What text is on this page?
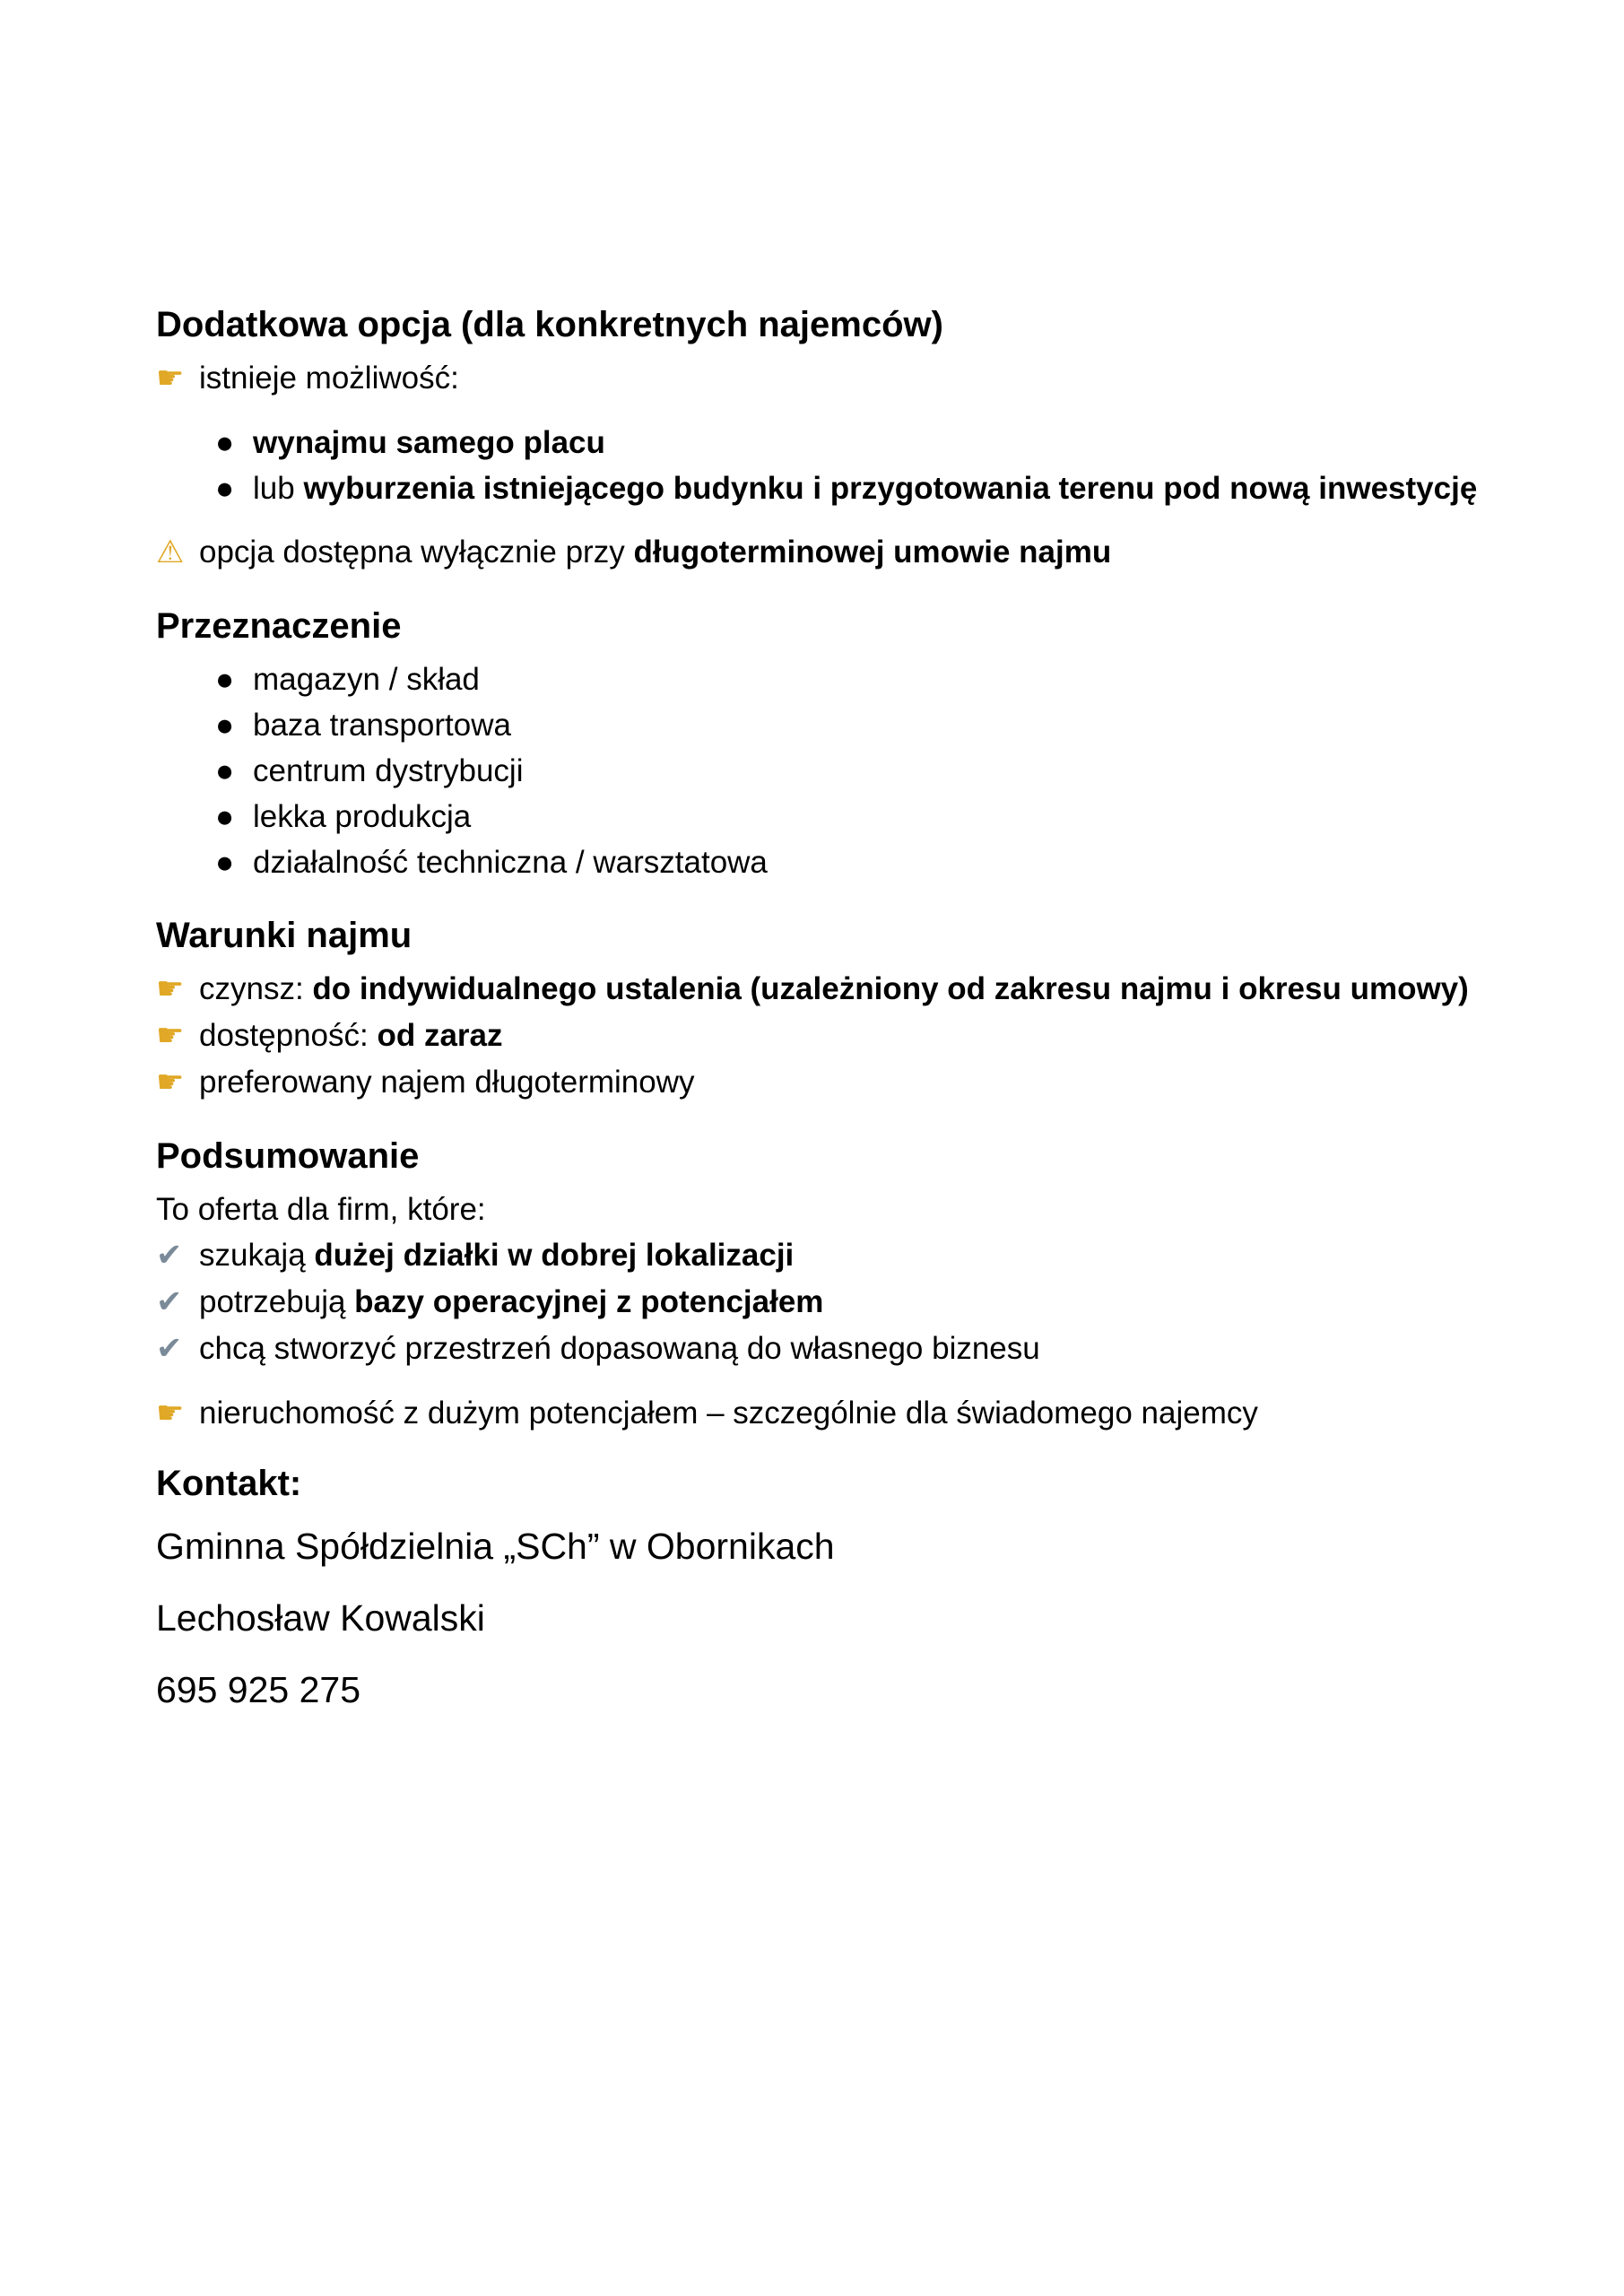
Dodatkowa opcja (dla konkretnych najemców)

☛ istnieje możliwość:

● wynajmu samego placu
● lub wyburzenia istniejącego budynku i przygotowania terenu pod nową inwestycję

⚠ opcja dostępna wyłącznie przy długoterminowej umowie najmu

Przeznaczenie
● magazyn / skład
● baza transportowa
● centrum dystrybucji
● lekka produkcja
● działalność techniczna / warsztatowa
Warunki najmu

☛ czynsz: do indywidualnego ustalenia (uzależniony od zakresu najmu i okresu umowy)

☛ dostępność: od zaraz

☛ preferowany najem długoterminowy

Podsumowanie

To oferta dla firm, które:

✔ szukają dużej działki w dobrej lokalizacji

✔ potrzebują bazy operacyjnej z potencjałem

✔ chcą stworzyć przestrzeń dopasowaną do własnego biznesu

☛ nieruchomość z dużym potencjałem – szczególnie dla świadomego najemcy

Kontakt:

Gminna Spółdzielnia „SCh” w Obornikach

Lechosław Kowalski

695 925 275
